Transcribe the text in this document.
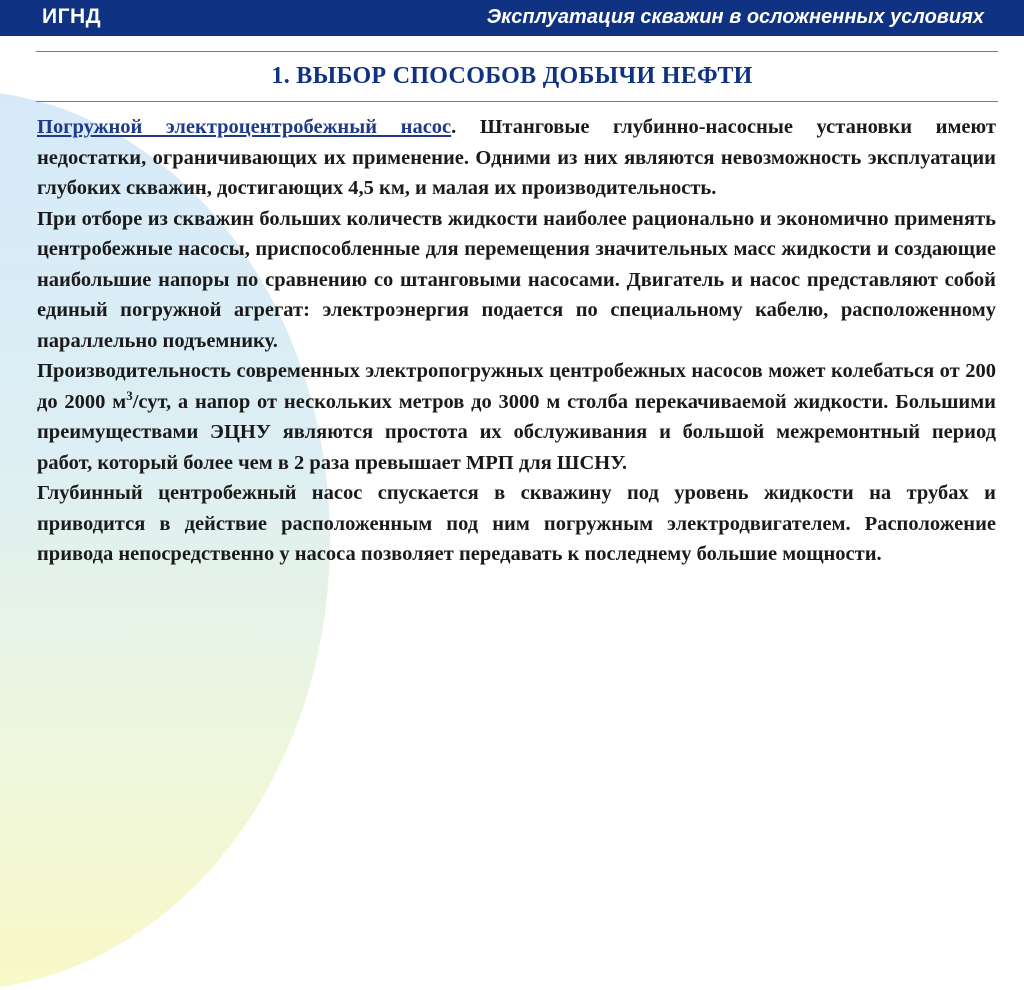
ИГНД	Эксплуатация скважин в осложненных условиях
1. ВЫБОР СПОСОБОВ ДОБЫЧИ НЕФТИ

Погружной электроцентробежный насос. Штанговые глубинно-насосные установки имеют недостатки, ограничивающих их применение. Одними из них являются невозможность эксплуатации глубоких скважин, достигающих 4,5 км, и малая их производительность.

При отборе из скважин больших количеств жидкости наиболее рационально и экономично применять центробежные насосы, приспособленные для перемещения значительных масс жидкости и создающие наибольшие напоры по сравнению со штанговыми насосами. Двигатель и насос представляют собой единый погружной агрегат: электроэнергия подается по специальному кабелю, расположенному параллельно подъемнику.

Производительность современных электропогружных центробежных насосов может колебаться от 200 до 2000 $м^3$/сут, а напор от нескольких метров до 3000 м столба перекачиваемой жидкости. Большими преимуществами ЭЦНУ являются простота их обслуживания и большой межремонтный период работ, который более чем в 2 раза превышает МРП для ШСНУ.

Глубинный центробежный насос спускается в скважину под уровень жидкости на трубах и приводится в действие расположенным под ним погружным электродвигателем. Расположение привода непосредственно у насоса позволяет передавать к последнему большие мощности.
